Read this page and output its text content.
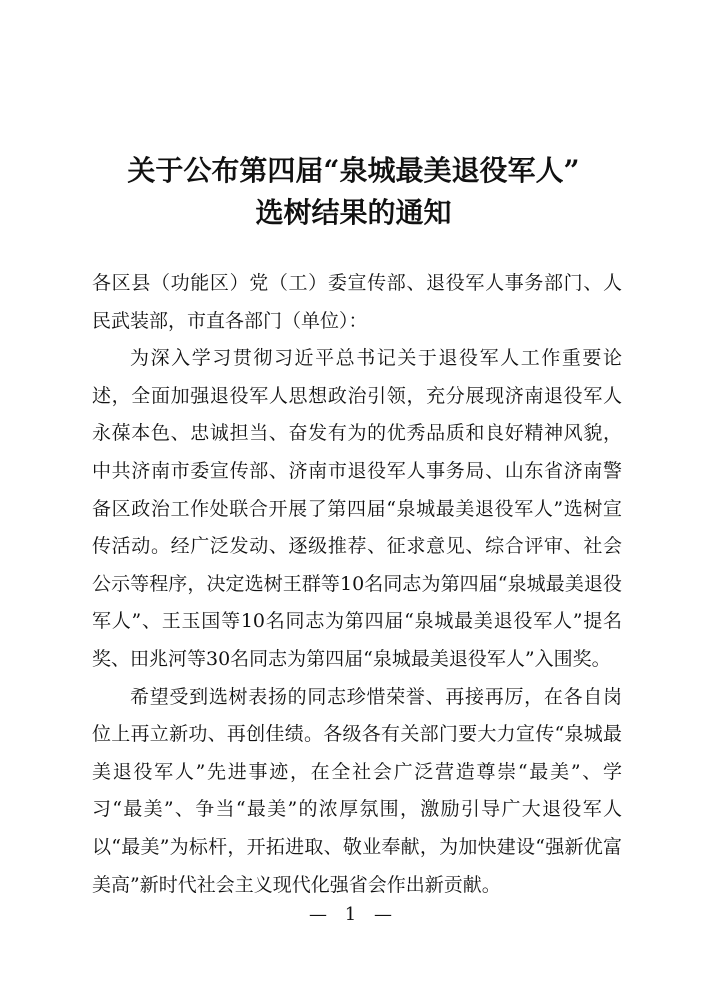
关于公布第四届“泉城最美退役军人”
选树结果的通知

各区县（功能区）党（工）委宣传部、退役军人事务部门、人民武装部，市直各部门（单位）：

为深入学习贯彻习近平总书记关于退役军人工作重要论述，全面加强退役军人思想政治引领，充分展现济南退役军人永葆本色、忠诚担当、奋发有为的优秀品质和良好精神风貌，中共济南市委宣传部、济南市退役军人事务局、山东省济南警备区政治工作处联合开展了第四届“泉城最美退役军人”选树宣传活动。经广泛发动、逐级推荐、征求意见、综合评审、社会公示等程序，决定选树王群等10名同志为第四届“泉城最美退役军人”、王玉国等10名同志为第四届“泉城最美退役军人”提名奖、田兆河等30名同志为第四届“泉城最美退役军人”入围奖。

希望受到选树表扬的同志珍惜荣誉、再接再厉，在各自岗位上再立新功、再创佳绩。各级各有关部门要大力宣传“泉城最美退役军人”先进事迹，在全社会广泛营造尊崇“最美”、学习“最美”、争当“最美”的浓厚氛围，激励引导广大退役军人以“最美”为标杆，开拓进取、敬业奉献，为加快建设“强新优富美高”新时代社会主义现代化强省会作出新贡献。

— 1 —
